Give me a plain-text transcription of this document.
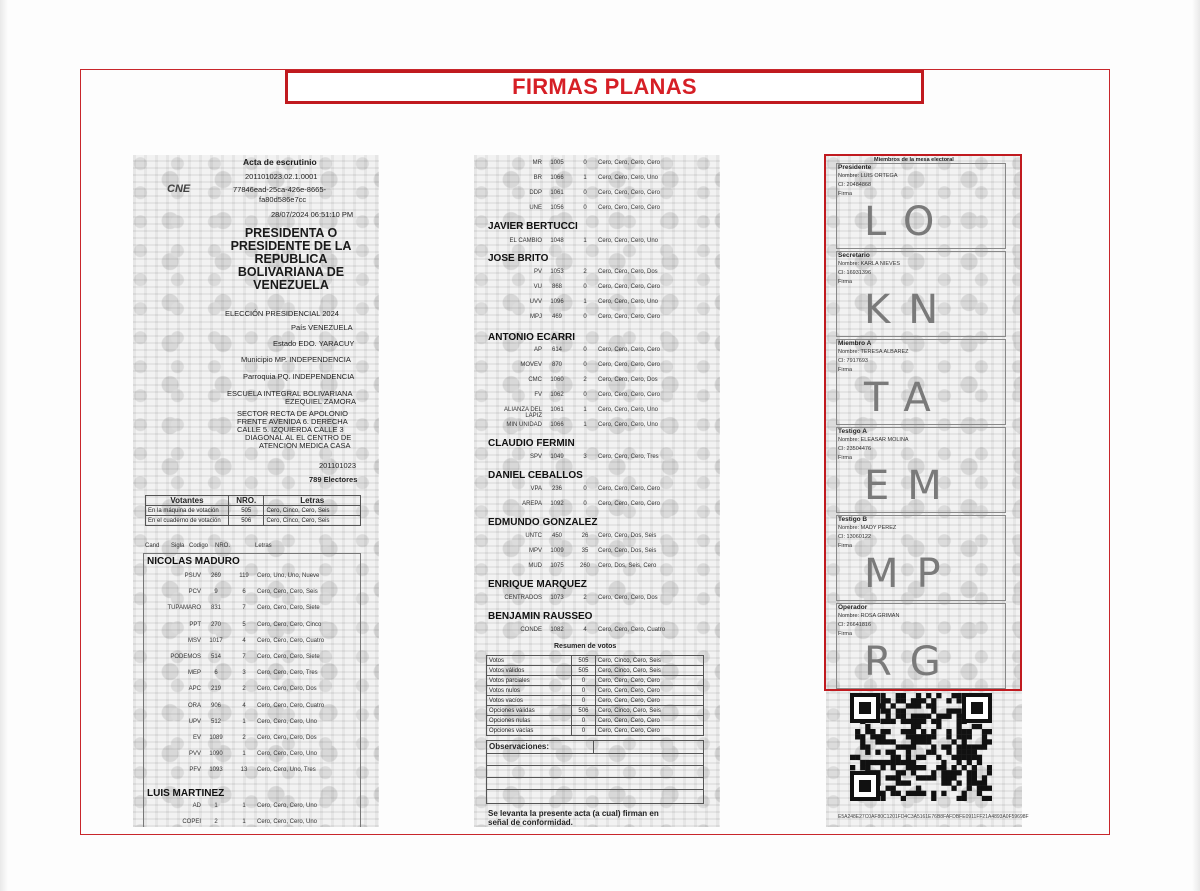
FIRMAS PLANAS
Acta de escrutinio
201101023.02.1.0001
CNE	77846ead-25ca-426e-8665-
fa80d586e7cc
28/07/2024 06:51:10 PM
PRESIDENTA O
PRESIDENTE DE LA
REPUBLICA
BOLIVARIANA DE
VENEZUELA
ELECCIÓN PRESIDENCIAL 2024
País VENEZUELA
Estado EDO. YARACUY
Municipio MP. INDEPENDENCIA
Parroquia PQ. INDEPENDENCIA
ESCUELA INTEGRAL BOLIVARIANA
EZEQUIEL ZAMORA
SECTOR RECTA DE APOLONIO
FRENTE AVENIDA 6. DERECHA
CALLE 5. IZQUIERDA CALLE 3
DIAGONAL AL EL CENTRO DE
ATENCION MEDICA CASA
201101023
789 Electores
Votantes	NRO.	Letras
En la máquina de votación	505	Cero, Cinco, Cero, Seis
En el cuaderno de votación	506	Cero, Cinco, Cero, Seis
Cand	Sigla Codigo	NRO.	Letras
NICOLAS MADURO
PSUV	269	119	Cero, Uno, Uno, Nueve
PCV	9	6	Cero, Cero, Cero, Seis
TUPAMARO	831	7	Cero, Cero, Cero, Siete
PPT	270	5	Cero, Cero, Cero, Cinco
MSV	1017	4	Cero, Cero, Cero, Cuatro
PODEMOS	514	7	Cero, Cero, Cero, Siete
MEP	6	3	Cero, Cero, Cero, Tres
APC	219	2	Cero, Cero, Cero, Dos
ORA	906	4	Cero, Cero, Cero, Cuatro
UPV	512	1	Cero, Cero, Cero, Uno
EV	1089	2	Cero, Cero, Cero, Dos
PVV	1090	1	Cero, Cero, Cero, Uno
PFV	1093	13	Cero, Cero, Uno, Tres
LUIS MARTINEZ
AD	1	1	Cero, Cero, Cero, Uno
COPEI	2	1	Cero, Cero, Cero, Uno
MR	1005	0	Cero, Cero, Cero, Cero
BR	1066	1	Cero, Cero, Cero, Uno
DDP	1061	0	Cero, Cero, Cero, Cero
UNE	1056	0	Cero, Cero, Cero, Cero
JAVIER BERTUCCI
EL CAMBIO	1048	1	Cero, Cero, Cero, Uno
JOSE BRITO
PV	1053	2	Cero, Cero, Cero, Dos
VU	868	0	Cero, Cero, Cero, Cero
UVV	1096	1	Cero, Cero, Cero, Uno
MPJ	469	0	Cero, Cero, Cero, Cero
ANTONIO ECARRI
AP	614	0	Cero, Cero, Cero, Cero
MOVEV	870	0	Cero, Cero, Cero, Cero
CMC	1060	2	Cero, Cero, Cero, Dos
FV	1062	0	Cero, Cero, Cero, Cero
ALIANZA DEL LAPIZ
1061	1	Cero, Cero, Cero, Uno
MIN UNIDAD	1066	1	Cero, Cero, Cero, Uno
CLAUDIO FERMIN
SPV	1049	3	Cero, Cero, Cero, Tres
DANIEL CEBALLOS
VPA	236	0	Cero, Cero, Cero, Cero
AREPA	1092	0	Cero, Cero, Cero, Cero
EDMUNDO GONZALEZ
UNTC	450	26	Cero, Cero, Dos, Seis
MPV	1009	35	Cero, Cero, Dos, Seis
MUD	1075	260	Cero, Dos, Seis, Cero
ENRIQUE MARQUEZ
CENTRADOS	1073	2	Cero, Cero, Cero, Dos
BENJAMIN RAUSSEO
CONDE	1082	4	Cero, Cero, Cero, Cuatro
Resumen de votos
Votos	505	Cero, Cinco, Cero, Seis
Votos válidos	505	Cero, Cinco, Cero, Seis
Votos parciales	0	Cero, Cero, Cero, Cero
Votos nulos	0	Cero, Cero, Cero, Cero
Votos vacíos	0	Cero, Cero, Cero, Cero
Opciones válidas	506	Cero, Cinco, Cero, Seis
Opciones nulas	0	Cero, Cero, Cero, Cero
Opciones vacías	0	Cero, Cero, Cero, Cero
Observaciones:
Se levanta la presente acta (a cual) firman en
señal de conformidad.
Miembros de la mesa electoral
Presidente
Nombre: LUIS ORTEGA
CI: 20484868
Firma
LO
Secretario
Nombre: KARLA NIEVES
CI: 16931396
Firma
KN
Miembro A
Nombre: TERESA ALBAREZ
CI: 7917693
Firma
TA
Testigo A
Nombre: ELEASAR MOLINA
CI: 23504476
Firma
EM
Testigo B
Nombre: MADY PEREZ
CI: 13060122
Firma
MP
Operador
Nombre: ROSA GRIMAN
CI: 26641816
Firma
RG
E5A248E27C0AF80C1201FD4C3A5161E76B8FAFDBFE0911FF21A4893A0F59698F
